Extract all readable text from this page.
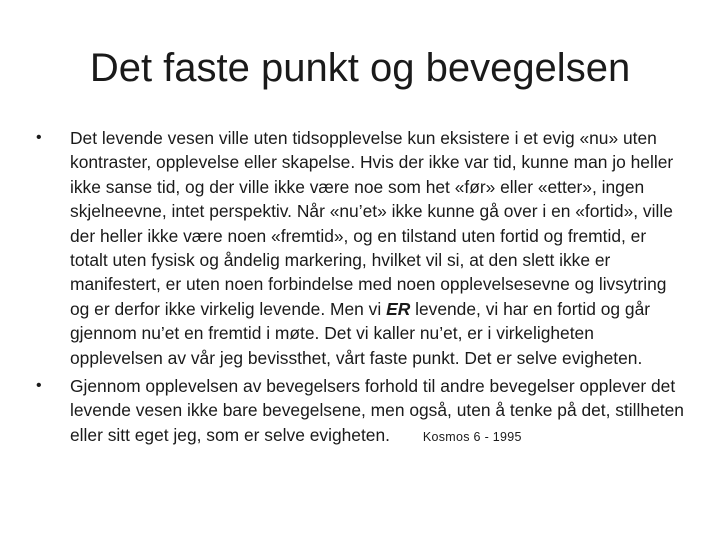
Det faste punkt og bevegelsen
•	Det levende vesen ville uten tidsopplevelse kun eksistere i et evig «nu» uten kontraster, opplevelse eller skapelse. Hvis der ikke var tid, kunne man jo heller ikke sanse tid, og der ville ikke være noe som het «før» eller «etter», ingen skjelneevne, intet perspektiv. Når «nu’et» ikke kunne gå over i en «fortid», ville der heller ikke være noen «fremtid», og en tilstand uten fortid og fremtid, er totalt uten fysisk og åndelig markering, hvilket vil si, at den slett ikke er manifestert, er uten noen forbindelse med noen opplevelsesevne og livsytring og er derfor ikke virkelig levende. Men vi ER levende, vi har en fortid og går gjennom nu’et en fremtid i møte. Det vi kaller nu’et, er i virkeligheten opplevelsen av vår jeg bevissthet, vårt faste punkt. Det er selve evigheten.
•	Gjennom opplevelsen av bevegelsers forhold til andre bevegelser opplever det levende vesen ikke bare bevegelsene, men også, uten å tenke på det, stillheten eller sitt eget jeg, som er selve evigheten.	Kosmos 6 - 1995
